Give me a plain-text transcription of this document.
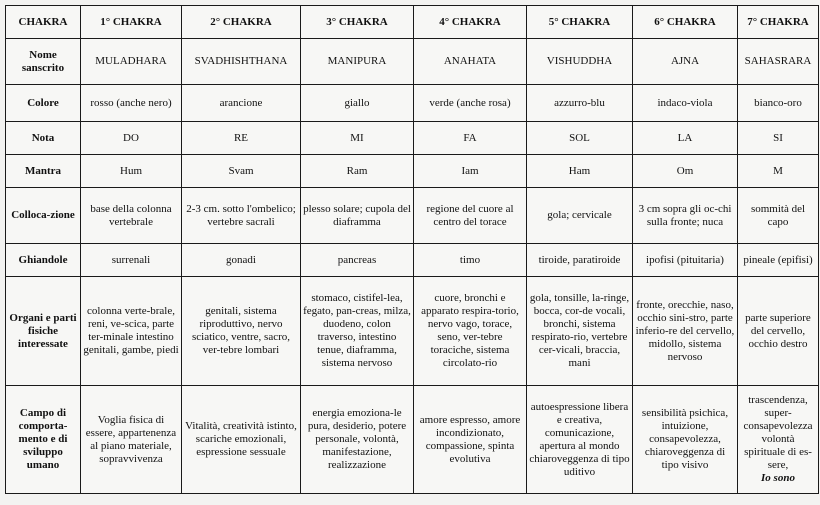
CHAKRA	1° CHAKRA	2° CHAKRA	3° CHAKRA	4° CHAKRA	5° CHAKRA	6° CHAKRA	7° CHAKRA
Nome sanscrito	MULADHARA	SVADHISHTHANA	MANIPURA	ANAHATA	VISHUDDHA	AJNA	SAHASRARA
Colore	rosso (anche nero)	arancione	giallo	verde (anche rosa)	azzurro-blu	indaco-viola	bianco-oro
Nota	DO	RE	MI	FA	SOL	LA	SI
Mantra	Hum	Svam	Ram	Iam	Ham	Om	M
Colloca-zione	base della colonna vertebrale	2-3 cm. sotto l'ombelico; vertebre sacrali	plesso solare; cupola del diaframma	regione del cuore al centro del torace	gola; cervicale	3 cm sopra gli oc-chi sulla fronte; nuca	sommità del capo
Ghiandole	surrenali	gonadi	pancreas	timo	tiroide, paratiroide	ipofisi (pituitaria)	pineale (epifisi)
Organi e parti fisiche interessate	colonna verte-brale, reni, ve-scica, parte ter-minale intestino genitali, gambe, piedi	genitali, sistema riproduttivo, nervo sciatico, ventre, sacro, ver-tebre lombari	stomaco, cistifel-lea, fegato, pan-creas, milza, duodeno, colon traverso, intestino tenue, diaframma, sistema nervoso	cuore, bronchi e apparato respira-torio, nervo vago, torace, seno, ver-tebre toraciche, sistema circolato-rio	gola, tonsille, la-ringe, bocca, cor-de vocali, bronchi, sistema respirato-rio, vertebre cer-vicali, braccia, mani	fronte, orecchie, naso, occhio sini-stro, parte inferio-re del cervello, midollo, sistema nervoso	parte superiore del cervello, occhio destro
Campo di comporta-mento e di sviluppo umano	Voglia fisica di essere, appartenenza al piano materiale, sopravvivenza	Vitalità, creatività istinto, scariche emozionali, espressione sessuale	energia emoziona-le pura, desiderio, potere personale, volontà, manifestazione, realizzazione	amore espresso, amore incondizionato, compassione, spinta evolutiva	autoespressione libera e creativa, comunicazione, apertura al mondo chiaroveggenza di tipo uditivo	sensibilità psichica, intuizione, consapevolezza, chiaroveggenza di tipo visivo	trascendenza, super-consapevolezza volontà spirituale di es-sere,
Io sono
